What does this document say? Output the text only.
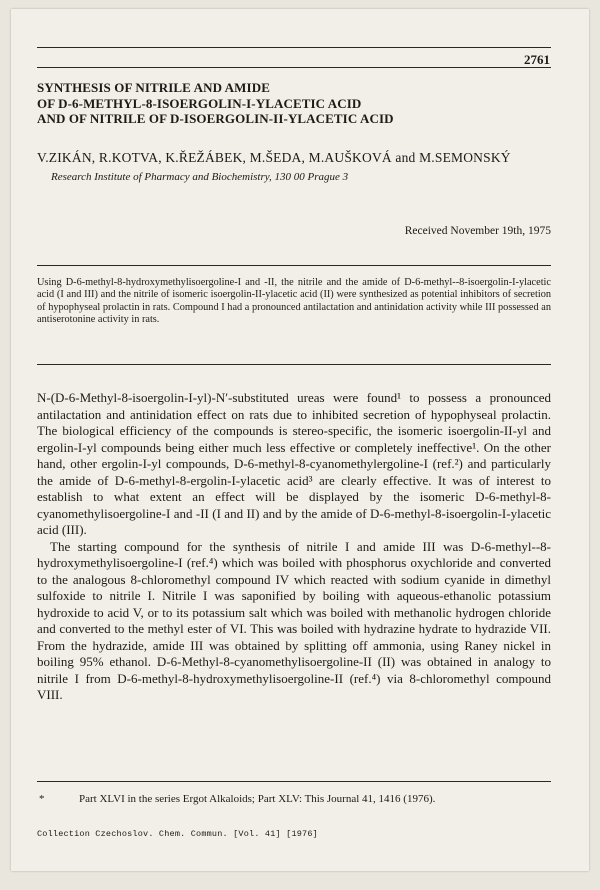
2761
SYNTHESIS OF NITRILE AND AMIDE
OF D-6-METHYL-8-ISOERGOLIN-I-YLACETIC ACID
AND OF NITRILE OF D-ISOERGOLIN-II-YLACETIC ACID
V.ZIKÁN, R.KOTVA, K.ŘEŽÁBEK, M.ŠEDA, M.AUŠKOVÁ and M.SEMONSKÝ
Research Institute of Pharmacy and Biochemistry, 130 00 Prague 3
Received November 19th, 1975

Using D-6-methyl-8-hydroxymethylisoergoline-I and -II, the nitrile and the amide of D-6-methyl--8-isoergolin-I-ylacetic acid (I and III) and the nitrile of isomeric isoergolin-II-ylacetic acid (II) were synthesized as potential inhibitors of secretion of hypophyseal prolactin in rats. Compound I had a pronounced antilactation and antinidation activity while III possessed an antiserotonine activity in rats.

N-(D-6-Methyl-8-isoergolin-I-yl)-N′-substituted ureas were found¹ to possess a pronounced antilactation and antinidation effect on rats due to inhibited secretion of hypophyseal prolactin. The biological efficiency of the compounds is stereo-specific, the isomeric isoergolin-II-yl and ergolin-I-yl compounds being either much less effective or completely ineffective¹. On the other hand, other ergolin-I-yl compounds, D-6-methyl-8-cyanomethylergoline-I (ref.²) and particularly the amide of D-6-methyl-8-ergolin-I-ylacetic acid³ are clearly effective. It was of interest to establish to what extent an effect will be displayed by the isomeric D-6-methyl-8-cyanomethylisoergoline-I and -II (I and II) and by the amide of D-6-methyl-8-isoergolin-I-ylacetic acid (III).

The starting compound for the synthesis of nitrile I and amide III was D-6-methyl--8-hydroxymethylisoergoline-I (ref.⁴) which was boiled with phosphorus oxychloride and converted to the analogous 8-chloromethyl compound IV which reacted with sodium cyanide in dimethyl sulfoxide to nitrile I. Nitrile I was saponified by boiling with aqueous-ethanolic potassium hydroxide to acid V, or to its potassium salt which was boiled with methanolic hydrogen chloride and converted to the methyl ester of VI. This was boiled with hydrazine hydrate to hydrazide VII. From the hydrazide, amide III was obtained by splitting off ammonia, using Raney nickel in boiling 95% ethanol. D-6-Methyl-8-cyanomethylisoergoline-II (II) was obtained in analogy to nitrile I from D-6-methyl-8-hydroxymethylisoergoline-II (ref.⁴) via 8-chloromethyl compound VIII.

*	Part XLVI in the series Ergot Alkaloids; Part XLV: This Journal 41, 1416 (1976).
Collection Czechoslov. Chem. Commun. [Vol. 41] [1976]
